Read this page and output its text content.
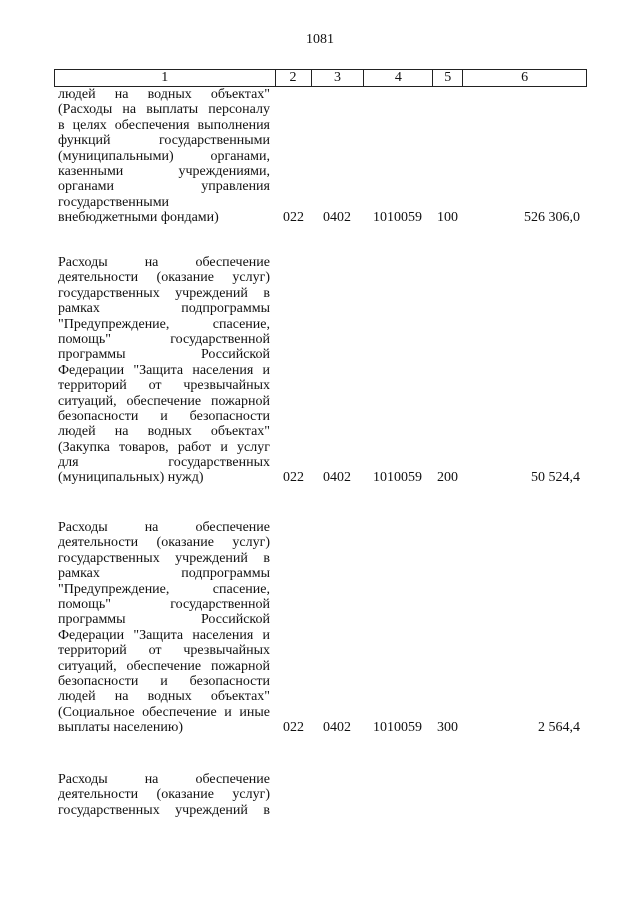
1081
1	2	3	4	5	6
людей на водных объектах"
(Расходы на выплаты персоналу
в целях обеспечения выполнения
функций государственными
(муниципальными) органами,
казенными учреждениями,
органами управления
государственными
внебюджетными фондами)	022 0402 1010059 100	526 306,0
Расходы на обеспечение
деятельности (оказание услуг)
государственных учреждений в
рамках подпрограммы
"Предупреждение, спасение,
помощь" государственной
программы Российской
Федерации "Защита населения и
территорий от чрезвычайных
ситуаций, обеспечение пожарной
безопасности и безопасности
людей на водных объектах"
(Закупка товаров, работ и услуг
для государственных
(муниципальных) нужд)	022 0402 1010059 200	50 524,4
Расходы на обеспечение
деятельности (оказание услуг)
государственных учреждений в
рамках подпрограммы
"Предупреждение, спасение,
помощь" государственной
программы Российской
Федерации "Защита населения и
территорий от чрезвычайных
ситуаций, обеспечение пожарной
безопасности и безопасности
людей на водных объектах"
(Социальное обеспечение и иные
выплаты населению)	022 0402 1010059 300	2 564,4
Расходы на обеспечение
деятельности (оказание услуг)
государственных учреждений в
